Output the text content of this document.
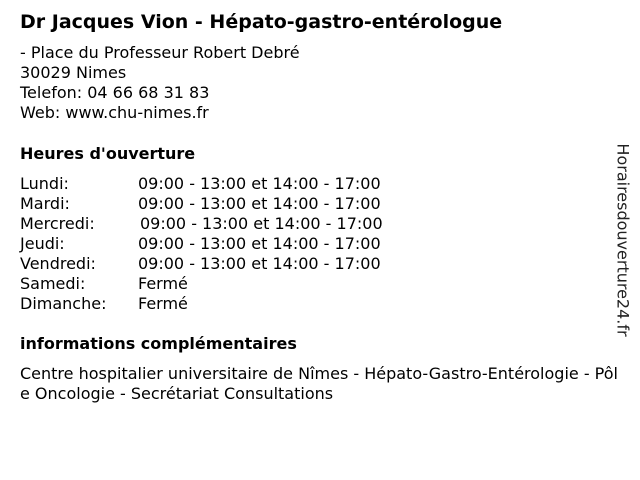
Dr Jacques Vion - Hépato-gastro-entérologue
- Place du Professeur Robert Debré
30029 Nimes
Telefon: 04 66 68 31 83
Web: www.chu-nimes.fr
Heures d'ouverture
Lundi:	09:00 - 13:00 et 14:00 - 17:00
Mardi:	09:00 - 13:00 et 14:00 - 17:00
Mercredi:	09:00 - 13:00 et 14:00 - 17:00
Jeudi:	09:00 - 13:00 et 14:00 - 17:00
Vendredi:	09:00 - 13:00 et 14:00 - 17:00
Samedi:	Fermé
Dimanche: Fermé
informations complémentaires
Centre hospitalier universitaire de Nîmes - Hépato-Gastro-Entérologie - Pôle Oncologie - Secrétariat Consultations
Horairesdouverture24.fr
